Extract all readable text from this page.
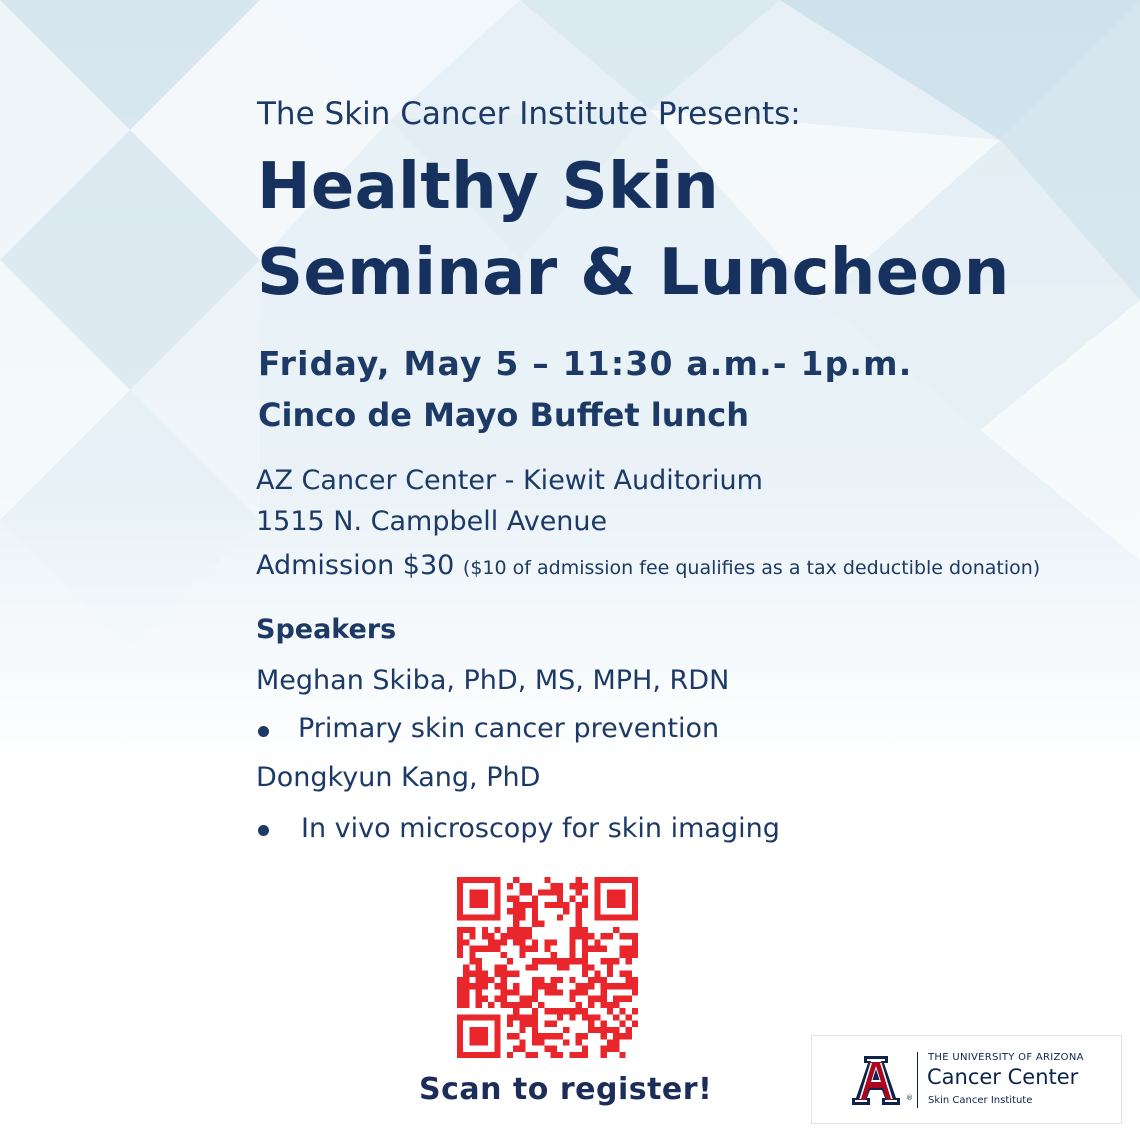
The Skin Cancer Institute Presents:
Healthy Skin
Seminar & Luncheon
Friday, May 5 – 11:30 a.m.- 1p.m.
Cinco de Mayo Buffet lunch
AZ Cancer Center - Kiewit Auditorium
1515 N. Campbell Avenue
Admission $30 ($10 of admission fee qualifies as a tax deductible donation)
Speakers
Meghan Skiba, PhD, MS, MPH, RDN
Primary skin cancer prevention
Dongkyun Kang, PhD
In vivo microscopy for skin imaging
Scan to register!	®
THE UNIVERSITY OF ARIZONA
Cancer Center
Skin Cancer Institute
